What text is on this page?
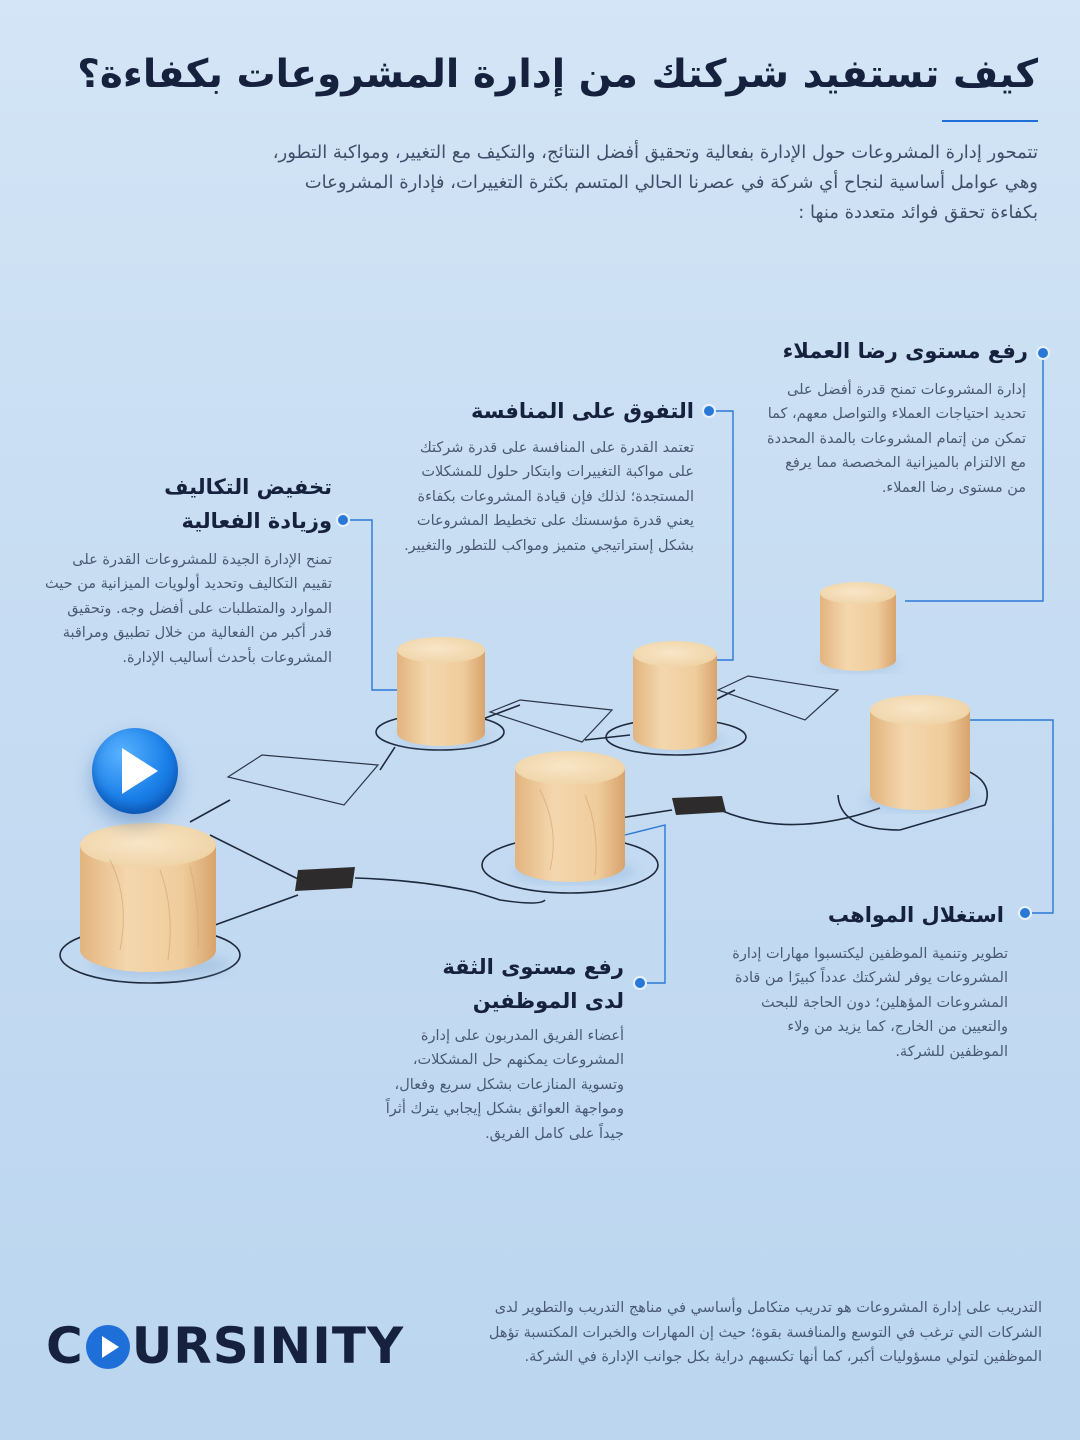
كيف تستفيد شركتك من إدارة المشروعات بكفاءة؟

تتمحور إدارة المشروعات حول الإدارة بفعالية وتحقيق أفضل النتائج، والتكيف مع التغيير، ومواكبة التطور، وهي عوامل أساسية لنجاح أي شركة في عصرنا الحالي المتسم بكثرة التغييرات، فإدارة المشروعات بكفاءة تحقق فوائد متعددة منها :

رفع مستوى رضا العملاء

إدارة المشروعات تمنح قدرة أفضل على تحديد احتياجات العملاء والتواصل معهم، كما تمكن من إتمام المشروعات بالمدة المحددة مع الالتزام بالميزانية المخصصة مما يرفع من مستوى رضا العملاء.

التفوق على المنافسة

تعتمد القدرة على المنافسة على قدرة شركتك على مواكبة التغييرات وابتكار حلول للمشكلات المستجدة؛ لذلك فإن قيادة المشروعات بكفاءة يعني قدرة مؤسستك على تخطيط المشروعات بشكل إستراتيجي متميز ومواكب للتطور والتغيير.

تخفيض التكاليف
وزيادة الفعالية

تمنح الإدارة الجيدة للمشروعات القدرة على تقييم التكاليف وتحديد أولويات الميزانية من حيث الموارد والمتطلبات على أفضل وجه. وتحقيق قدر أكبر من الفعالية من خلال تطبيق ومراقبة المشروعات بأحدث أساليب الإدارة.

استغلال المواهب

تطوير وتنمية الموظفين ليكتسبوا مهارات إدارة المشروعات يوفر لشركتك عدداً كبيرًا من قادة المشروعات المؤهلين؛ دون الحاجة للبحث والتعيين من الخارج، كما يزيد من ولاء الموظفين للشركة.

رفع مستوى الثقة
لدى الموظفين

أعضاء الفريق المدربون على إدارة المشروعات يمكنهم حل المشكلات، وتسوية المنازعات بشكل سريع وفعال، ومواجهة العوائق بشكل إيجابي يترك أثراً جيداً على كامل الفريق.

C URSINITY

التدريب على إدارة المشروعات هو تدريب متكامل وأساسي في مناهج التدريب والتطوير لدى الشركات التي ترغب في التوسع والمنافسة بقوة؛ حيث إن المهارات والخبرات المكتسبة تؤهل الموظفين لتولي مسؤوليات أكبر، كما أنها تكسبهم دراية بكل جوانب الإدارة في الشركة.
